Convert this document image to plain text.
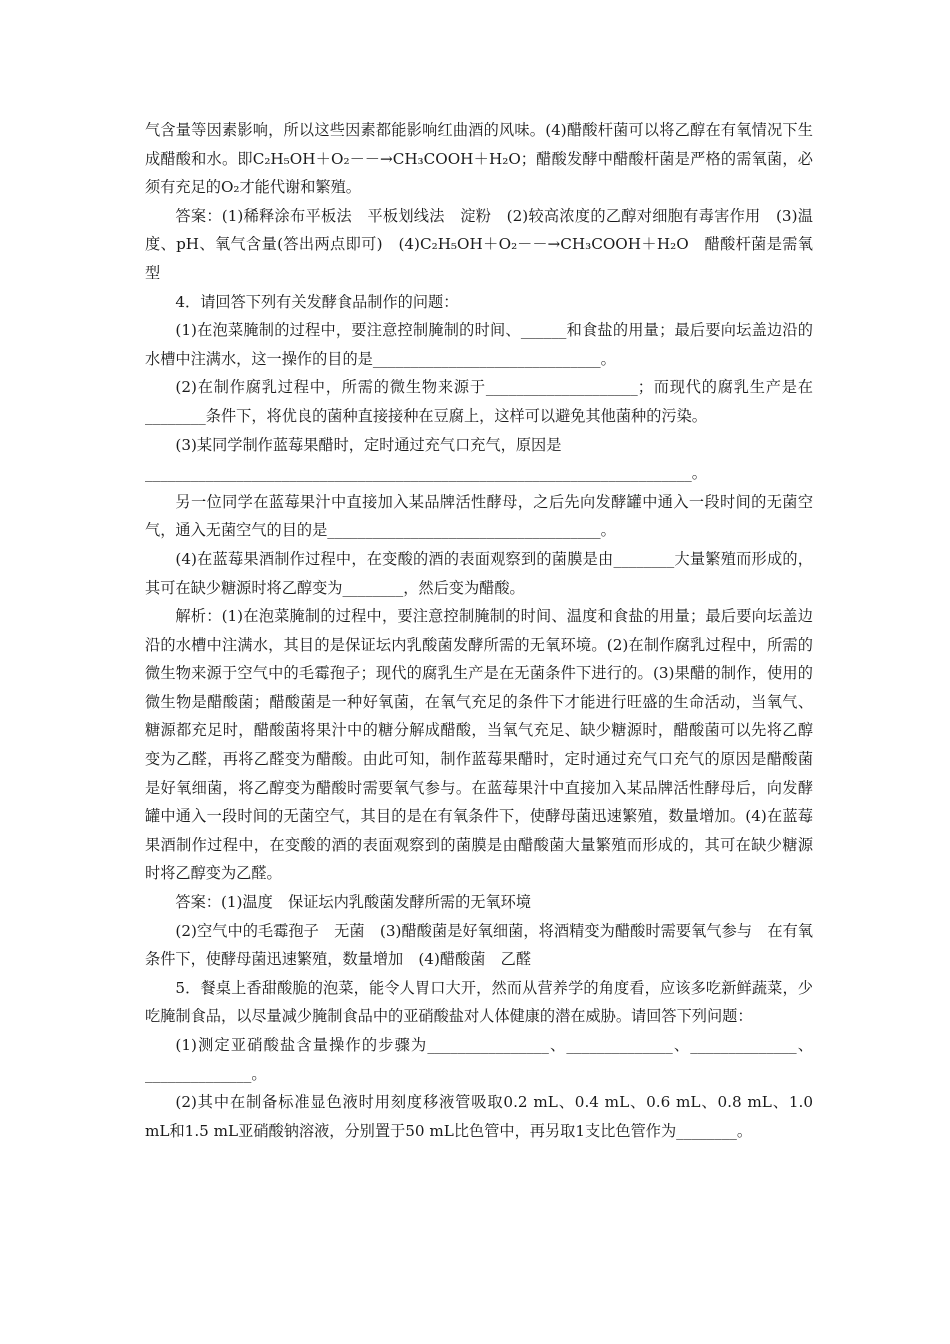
气含量等因素影响，所以这些因素都能影响红曲酒的风味。(4)醋酸杆菌可以将乙醇在有氧情况下生成醋酸和水。即C₂H₅OH＋O₂－－→CH₃COOH＋H₂O；醋酸发酵中醋酸杆菌是严格的需氧菌，必须有充足的O₂才能代谢和繁殖。

答案：(1)稀释涂布平板法　平板划线法　淀粉　(2)较高浓度的乙醇对细胞有毒害作用　(3)温度、pH、氧气含量(答出两点即可)　(4)C₂H₅OH＋O₂－－→CH₃COOH＋H₂O　醋酸杆菌是需氧型

4．请回答下列有关发酵食品制作的问题：

(1)在泡菜腌制的过程中，要注意控制腌制的时间、______和食盐的用量；最后要向坛盖边沿的水槽中注满水，这一操作的目的是______________________________。

(2)在制作腐乳过程中，所需的微生物来源于____________________；而现代的腐乳生产是在________条件下，将优良的菌种直接接种在豆腐上，这样可以避免其他菌种的污染。

(3)某同学制作蓝莓果醋时，定时通过充气口充气，原因是

________________________________________________________________________。

另一位同学在蓝莓果汁中直接加入某品牌活性酵母，之后先向发酵罐中通入一段时间的无菌空气，通入无菌空气的目的是____________________________________。

(4)在蓝莓果酒制作过程中，在变酸的酒的表面观察到的菌膜是由________大量繁殖而形成的，其可在缺少糖源时将乙醇变为________，然后变为醋酸。

解析：(1)在泡菜腌制的过程中，要注意控制腌制的时间、温度和食盐的用量；最后要向坛盖边沿的水槽中注满水，其目的是保证坛内乳酸菌发酵所需的无氧环境。(2)在制作腐乳过程中，所需的微生物来源于空气中的毛霉孢子；现代的腐乳生产是在无菌条件下进行的。(3)果醋的制作，使用的微生物是醋酸菌；醋酸菌是一种好氧菌，在氧气充足的条件下才能进行旺盛的生命活动，当氧气、糖源都充足时，醋酸菌将果汁中的糖分解成醋酸，当氧气充足、缺少糖源时，醋酸菌可以先将乙醇变为乙醛，再将乙醛变为醋酸。由此可知，制作蓝莓果醋时，定时通过充气口充气的原因是醋酸菌是好氧细菌，将乙醇变为醋酸时需要氧气参与。在蓝莓果汁中直接加入某品牌活性酵母后，向发酵罐中通入一段时间的无菌空气，其目的是在有氧条件下，使酵母菌迅速繁殖，数量增加。(4)在蓝莓果酒制作过程中，在变酸的酒的表面观察到的菌膜是由醋酸菌大量繁殖而形成的，其可在缺少糖源时将乙醇变为乙醛。

答案：(1)温度　保证坛内乳酸菌发酵所需的无氧环境

(2)空气中的毛霉孢子　无菌　(3)醋酸菌是好氧细菌，将酒精变为醋酸时需要氧气参与　在有氧条件下，使酵母菌迅速繁殖，数量增加　(4)醋酸菌　乙醛

5．餐桌上香甜酸脆的泡菜，能令人胃口大开，然而从营养学的角度看，应该多吃新鲜蔬菜，少吃腌制食品，以尽量减少腌制食品中的亚硝酸盐对人体健康的潜在威胁。请回答下列问题：

(1)测定亚硝酸盐含量操作的步骤为________________、______________、______________、______________。

(2)其中在制备标准显色液时用刻度移液管吸取0.2 mL、0.4 mL、0.6 mL、0.8 mL、1.0 mL和1.5 mL亚硝酸钠溶液，分别置于50 mL比色管中，再另取1支比色管作为________。
